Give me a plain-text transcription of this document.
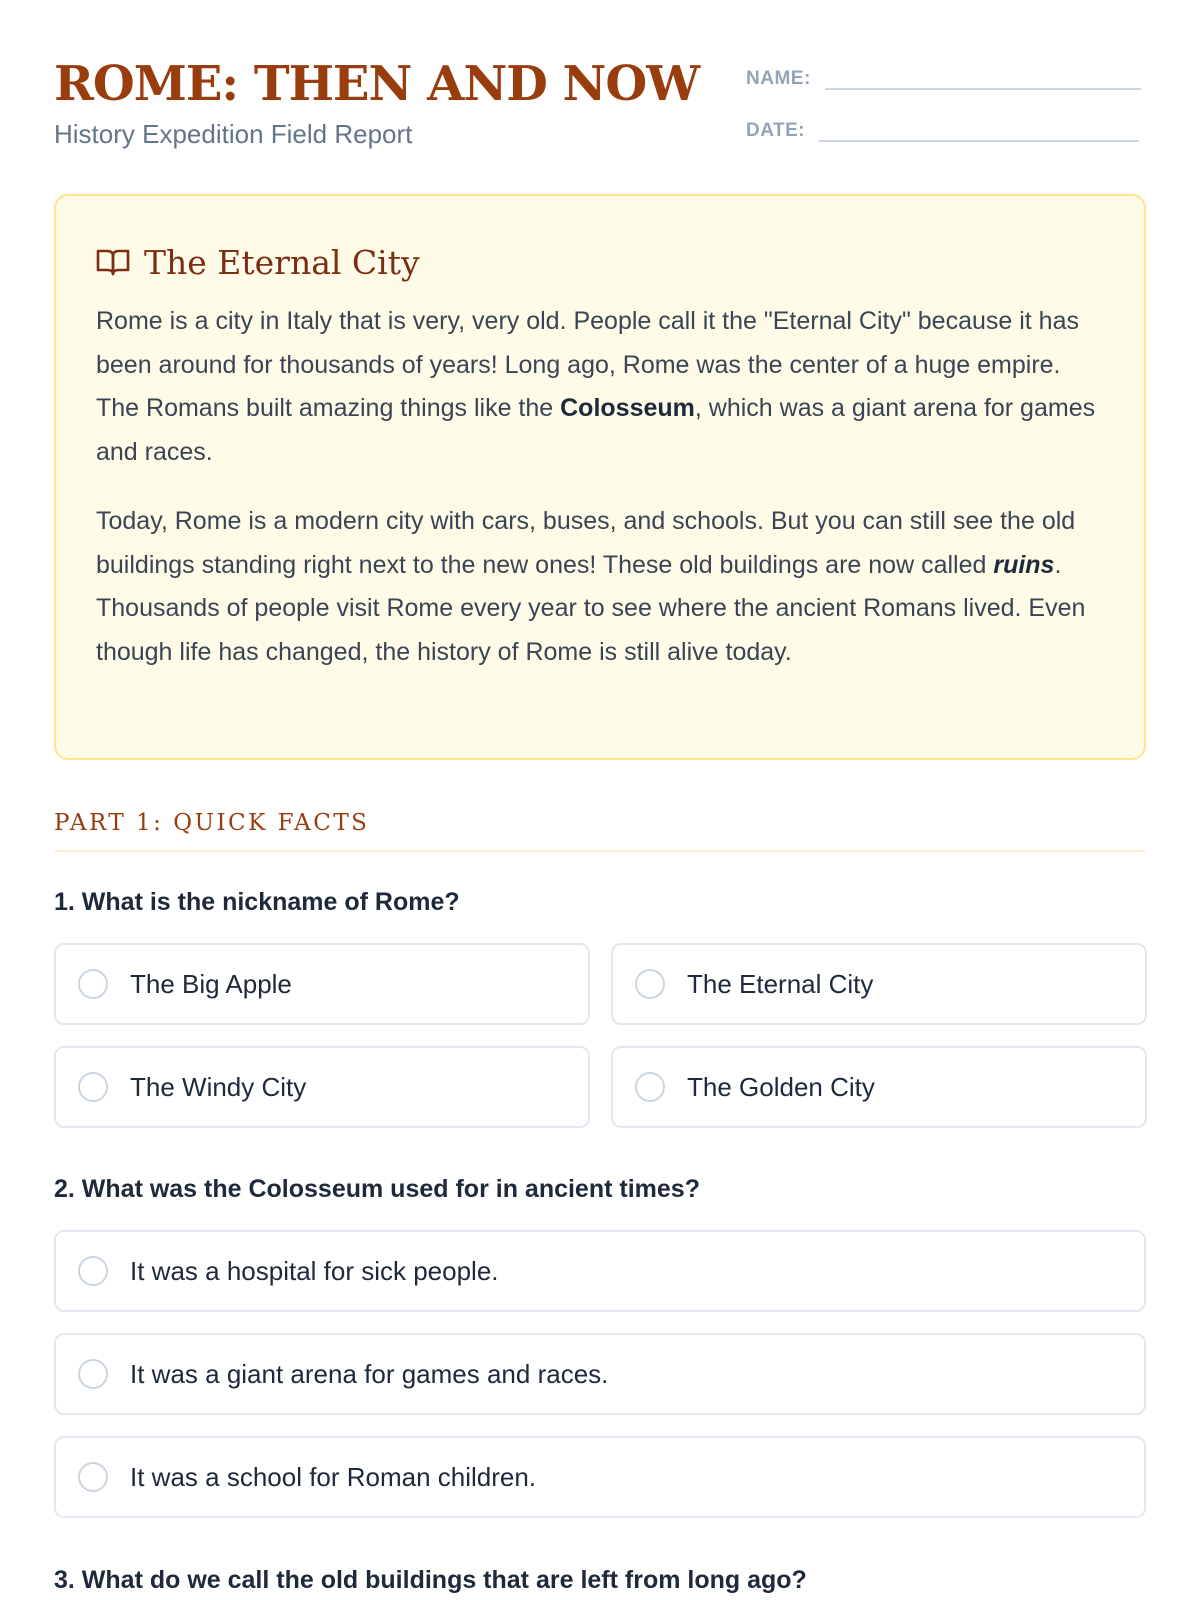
ROME: THEN AND NOW
History Expedition Field Report
NAME:
DATE:
The Eternal City

Rome is a city in Italy that is very, very old. People call it the "Eternal City" because it has been around for thousands of years! Long ago, Rome was the center of a huge empire. The Romans built amazing things like the Colosseum, which was a giant arena for games and races.

Today, Rome is a modern city with cars, buses, and schools. But you can still see the old buildings standing right next to the new ones! These old buildings are now called ruins. Thousands of people visit Rome every year to see where the ancient Romans lived. Even though life has changed, the history of Rome is still alive today.

PART 1: QUICK FACTS
1. What is the nickname of Rome?
The Big Apple	The Eternal City
The Windy City	The Golden City
2. What was the Colosseum used for in ancient times?
It was a hospital for sick people.
It was a giant arena for games and races.
It was a school for Roman children.
3. What do we call the old buildings that are left from long ago?
